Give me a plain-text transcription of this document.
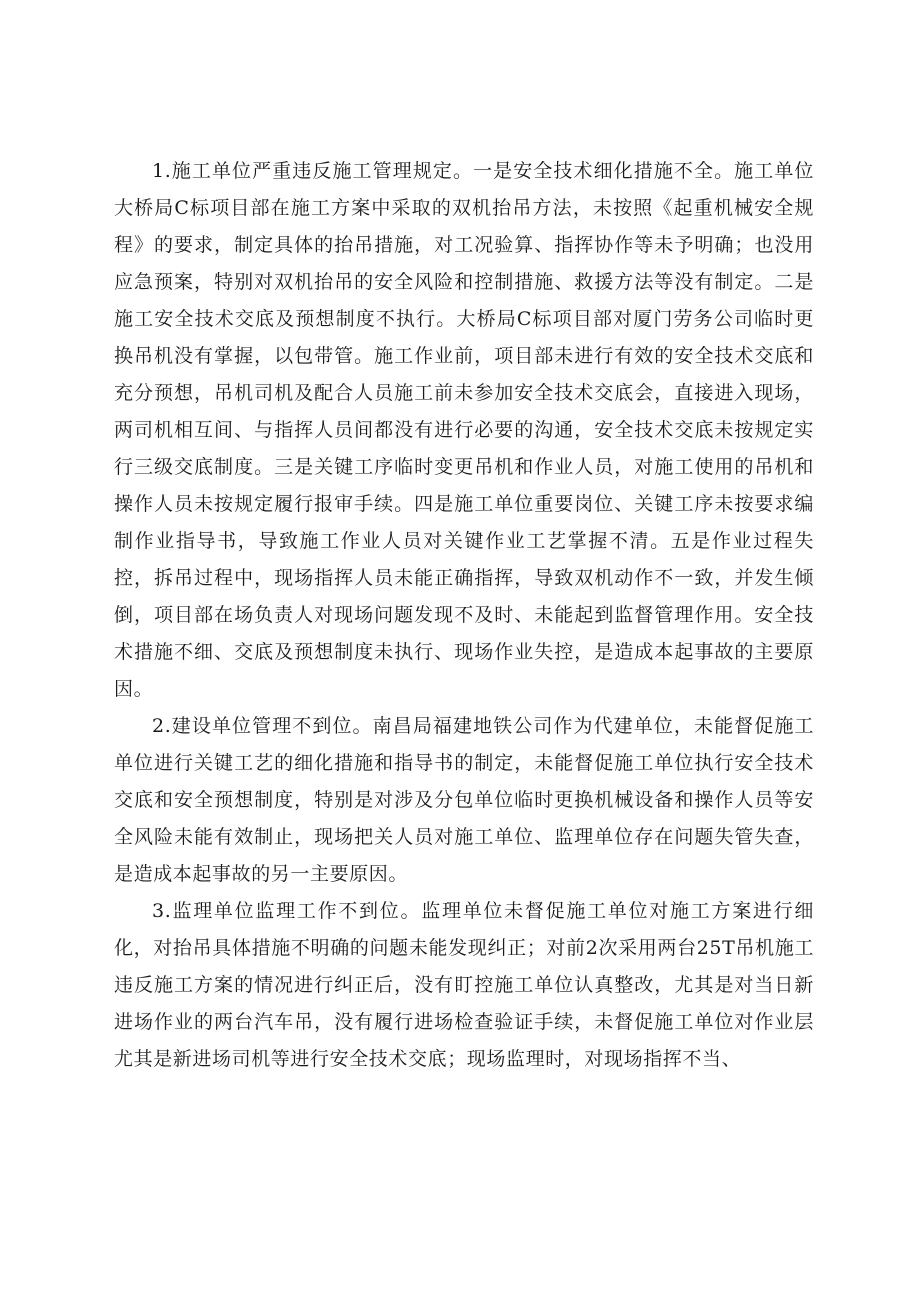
1.施工单位严重违反施工管理规定。一是安全技术细化措施不全。施工单位大桥局C标项目部在施工方案中采取的双机抬吊方法，未按照《起重机械安全规程》的要求，制定具体的抬吊措施，对工况验算、指挥协作等未予明确；也没用应急预案，特别对双机抬吊的安全风险和控制措施、救援方法等没有制定。二是施工安全技术交底及预想制度不执行。大桥局C标项目部对厦门劳务公司临时更换吊机没有掌握，以包带管。施工作业前，项目部未进行有效的安全技术交底和充分预想，吊机司机及配合人员施工前未参加安全技术交底会，直接进入现场，两司机相互间、与指挥人员间都没有进行必要的沟通，安全技术交底未按规定实行三级交底制度。三是关键工序临时变更吊机和作业人员，对施工使用的吊机和操作人员未按规定履行报审手续。四是施工单位重要岗位、关键工序未按要求编制作业指导书，导致施工作业人员对关键作业工艺掌握不清。五是作业过程失控，拆吊过程中，现场指挥人员未能正确指挥，导致双机动作不一致，并发生倾倒，项目部在场负责人对现场问题发现不及时、未能起到监督管理作用。安全技术措施不细、交底及预想制度未执行、现场作业失控，是造成本起事故的主要原因。

2.建设单位管理不到位。南昌局福建地铁公司作为代建单位，未能督促施工单位进行关键工艺的细化措施和指导书的制定，未能督促施工单位执行安全技术交底和安全预想制度，特别是对涉及分包单位临时更换机械设备和操作人员等安全风险未能有效制止，现场把关人员对施工单位、监理单位存在问题失管失查，是造成本起事故的另一主要原因。

3.监理单位监理工作不到位。监理单位未督促施工单位对施工方案进行细化，对抬吊具体措施不明确的问题未能发现纠正；对前2次采用两台25T吊机施工违反施工方案的情况进行纠正后，没有盯控施工单位认真整改，尤其是对当日新进场作业的两台汽车吊，没有履行进场检查验证手续，未督促施工单位对作业层尤其是新进场司机等进行安全技术交底；现场监理时，对现场指挥不当、
